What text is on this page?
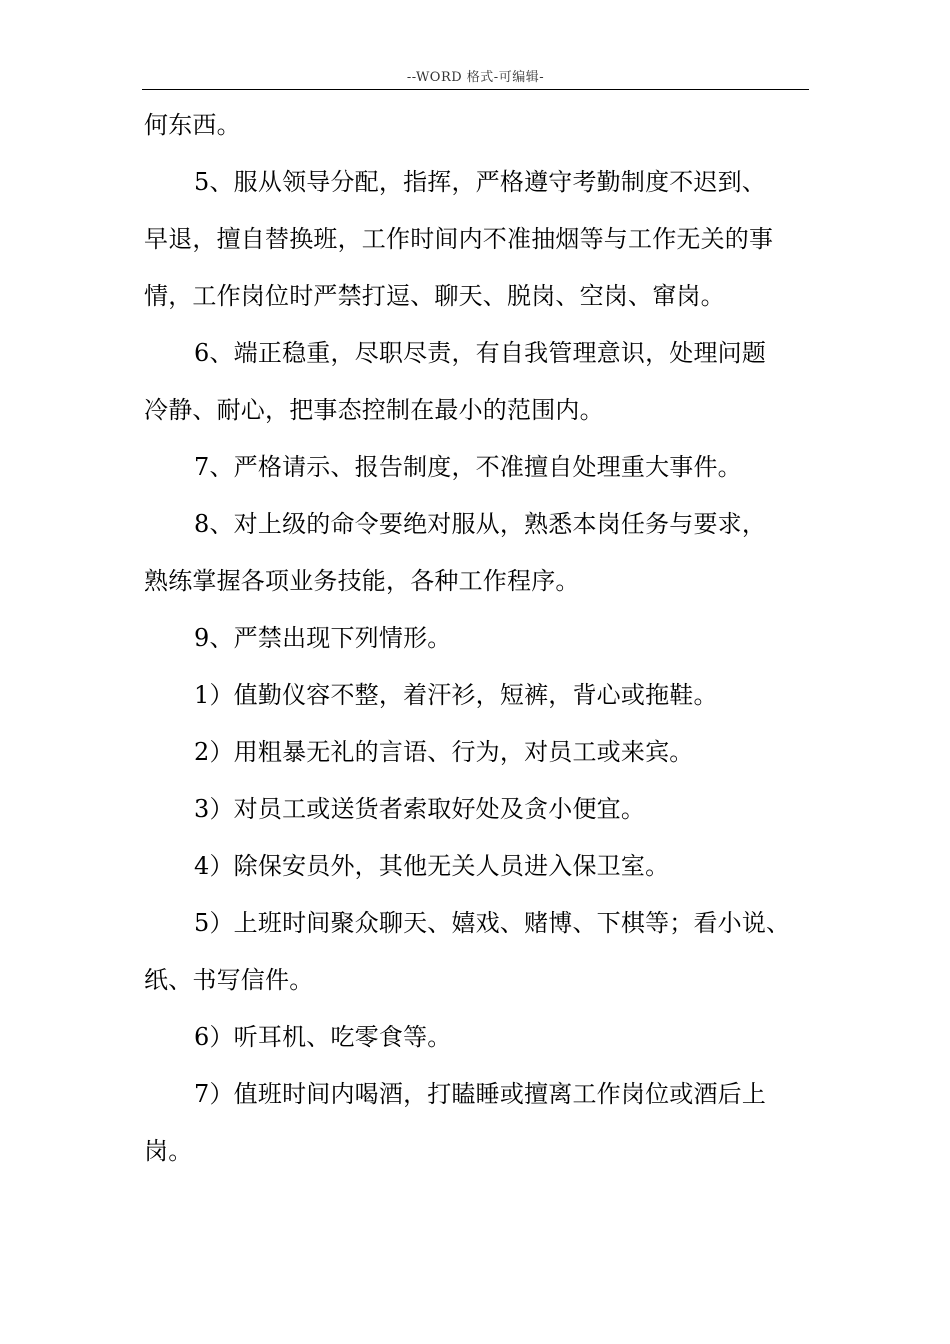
--WORD 格式-可编辑-
何东西。
5、服从领导分配，指挥，严格遵守考勤制度不迟到、
早退，擅自替换班，工作时间内不准抽烟等与工作无关的事
情，工作岗位时严禁打逗、聊天、脱岗、空岗、窜岗。
6、端正稳重，尽职尽责，有自我管理意识，处理问题
冷静、耐心，把事态控制在最小的范围内。
7、严格请示、报告制度，不准擅自处理重大事件。
8、对上级的命令要绝对服从，熟悉本岗任务与要求，
熟练掌握各项业务技能，各种工作程序。
9、严禁出现下列情形。
1）值勤仪容不整，着汗衫，短裤，背心或拖鞋。
2）用粗暴无礼的言语、行为，对员工或来宾。
3）对员工或送货者索取好处及贪小便宜。
4）除保安员外，其他无关人员进入保卫室。
5）上班时间聚众聊天、嬉戏、赌博、下棋等；看小说、
纸、书写信件。
6）听耳机、吃零食等。
7）值班时间内喝酒，打瞌睡或擅离工作岗位或酒后上
岗。
